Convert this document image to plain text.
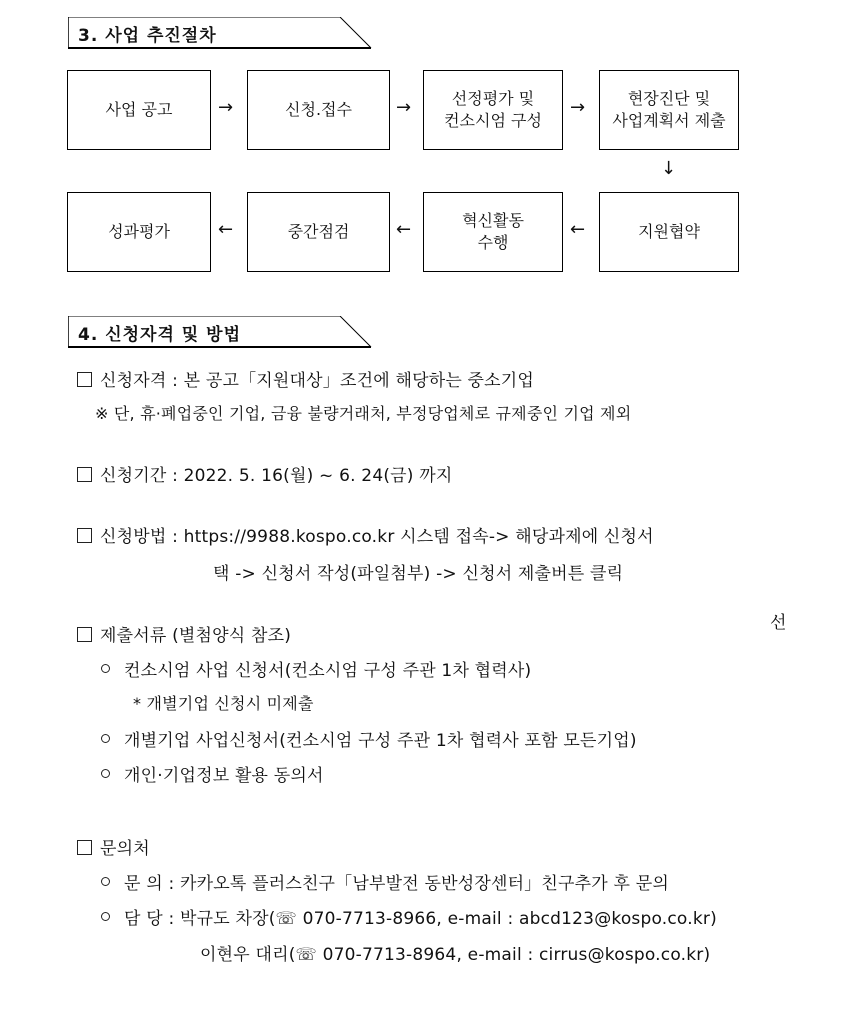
3. 사업 추진절차
사업 공고	→	신청.접수 →	선정평가 및
컨소시엄 구성
→	현장진단 및
사업계획서 제출
↓
성과평가	←	중간점검	←	혁신활동
수행
←	지원협약
4. 신청자격 및 방법
신청자격 : 본 공고「지원대상」조건에 해당하는 중소기업
※ 단, 휴·폐업중인 기업, 금융 불량거래처, 부정당업체로 규제중인 기업 제외
신청기간 : 2022. 5. 16(월) ~ 6. 24(금) 까지
신청방법 : https://9988.kospo.co.kr 시스템 접속-> 해당과제에 신청서
택 -> 신청서 작성(파일첨부) -> 신청서 제출버튼 클릭
선
제출서류 (별첨양식 참조)
컨소시엄 사업 신청서(컨소시엄 구성 주관 1차 협력사)
* 개별기업 신청시 미제출
개별기업 사업신청서(컨소시엄 구성 주관 1차 협력사 포함 모든기업)
개인·기업정보 활용 동의서
문의처
문 의 : 카카오톡 플러스친구「남부발전 동반성장센터」친구추가 후 문의
담 당 : 박규도 차장(☏ 070-7713-8966, e-mail : abcd123@kospo.co.kr)
이현우 대리(☏ 070-7713-8964, e-mail : cirrus@kospo.co.kr)
